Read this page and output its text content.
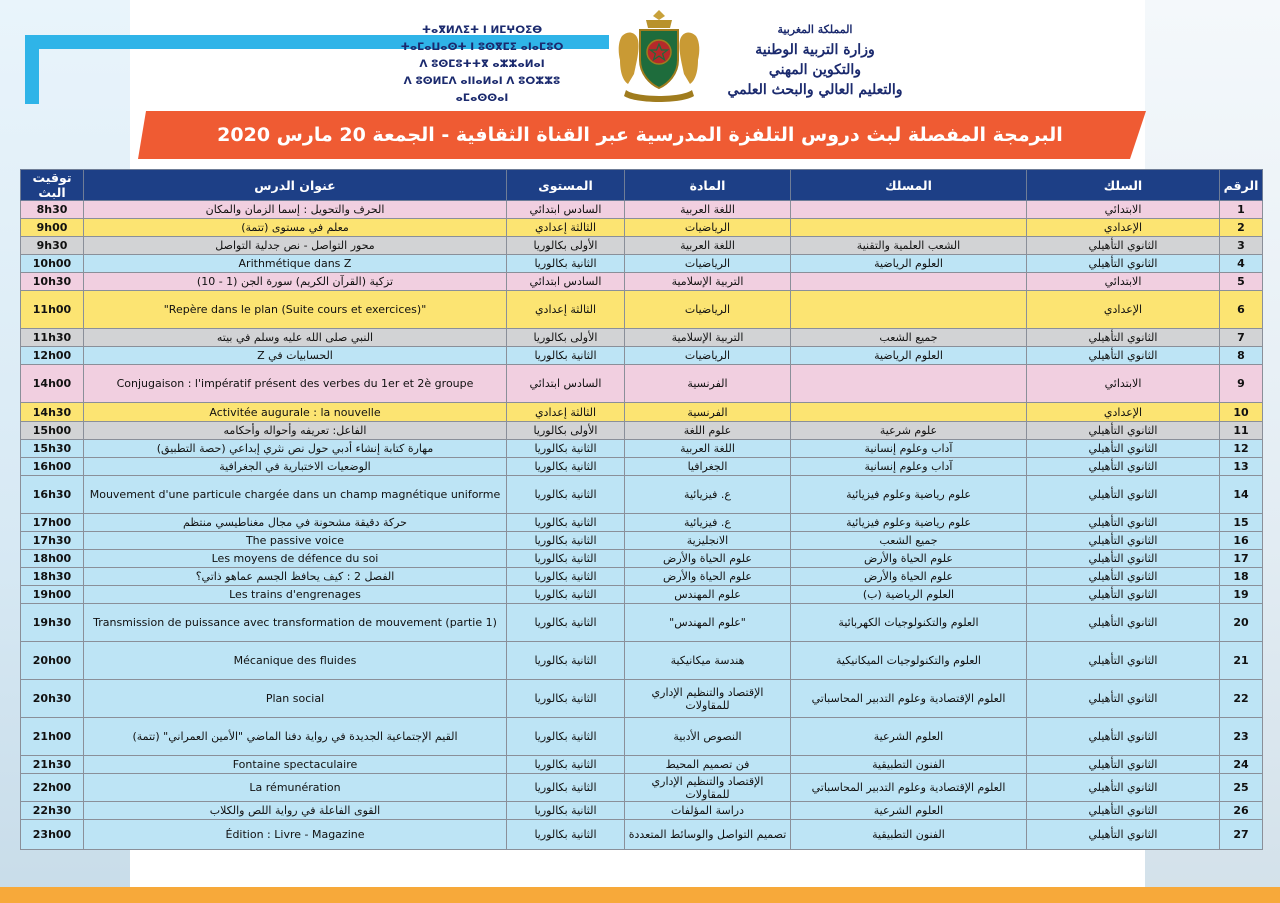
ⵜⴰⴳⵍⴷⵉⵜ ⵏ ⵍⵎⵖⵔⵉⴱ
ⵜⴰⵎⴰⵡⴰⵙⵜ ⵏ ⵓⵙⴳⵎⵉ ⴰⵏⴰⵎⵓⵔ
ⴷ ⵓⵙⵎⵓⵜⵜⴳ ⴰⵣⵣⴰⵍⴰⵏ
ⴷ ⵓⵙⵍⵎⴷ ⴰⵏⵏⴰⵍⴰⵏ ⴷ ⵓⵔⵣⵣⵓ ⴰⵎⴰⵙⵙⴰⵏ
المملكة المغربية
وزارة التربية الوطنية
والتكوين المهني
والتعليم العالي والبحث العلمي
البرمجة المفصلة لبث دروس التلفزة المدرسية عبر القناة الثقافية - الجمعة 20 مارس 2020
الرقم	السلك	المسلك	المادة	المستوى	عنوان الدرس	توقيت البث
1	الابتدائي		اللغة العربية	السادس ابتدائي	الحرف والتحويل : إسما الزمان والمكان	8h30
2	الإعدادي		الرياضيات	الثالثة إعدادي	معلم في مستوى (تتمة)	9h00
3	الثانوي التأهيلي	الشعب العلمية والتقنية	اللغة العربية	الأولى بكالوريا	محور التواصل - نص جدلية التواصل	9h30
4	الثانوي التأهيلي	العلوم الرياضية	الرياضيات	الثانية بكالوريا	Arithmétique dans Z	10h00
5	الابتدائي		التربية الإسلامية	السادس ابتدائي	تزكية (القرآن الكريم) سورة الجن (1 - 10)	10h30
6	الإعدادي		الرياضيات	الثالثة إعدادي	"Repère dans le plan (Suite cours et exercices)"	11h00
7	الثانوي التأهيلي	جميع الشعب	التربية الإسلامية	الأولى بكالوريا	النبي صلى الله عليه وسلم في بيته	11h30
8	الثانوي التأهيلي	العلوم الرياضية	الرياضيات	الثانية بكالوريا	الحسابيات في Z	12h00
9	الابتدائي		الفرنسية	السادس ابتدائي	Conjugaison : l'impératif présent des verbes du 1er et 2è groupe	14h00
10	الإعدادي		الفرنسية	الثالثة إعدادي	Activitée augurale : la nouvelle	14h30
11	الثانوي التأهيلي	علوم شرعية	علوم اللغة	الأولى بكالوريا	الفاعل: تعريفه وأحواله وأحكامه	15h00
12	الثانوي التأهيلي	آداب وعلوم إنسانية	اللغة العربية	الثانية بكالوريا	مهارة كتابة إنشاء أدبي حول نص نثري إبداعي (حصة التطبيق)	15h30
13	الثانوي التأهيلي	آداب وعلوم إنسانية	الجغرافيا	الثانية بكالوريا	الوضعيات الاختبارية في الجغرافية	16h00
14	الثانوي التأهيلي	علوم رياضية وعلوم فيزيائية	ع. فيزيائية	الثانية بكالوريا	Mouvement d'une particule chargée dans un champ magnétique uniforme	16h30
15	الثانوي التأهيلي	علوم رياضية وعلوم فيزيائية	ع. فيزيائية	الثانية بكالوريا	حركة دقيقة مشحونة في مجال مغناطيسي منتظم	17h00
16	الثانوي التأهيلي	جميع الشعب	الانجليزية	الثانية بكالوريا	The passive voice	17h30
17	الثانوي التأهيلي	علوم الحياة والأرض	علوم الحياة والأرض	الثانية بكالوريا	Les moyens de défence du soi	18h00
18	الثانوي التأهيلي	علوم الحياة والأرض	علوم الحياة والأرض	الثانية بكالوريا	الفصل 2 : كيف يحافظ الجسم عماهو ذاتي؟	18h30
19	الثانوي التأهيلي	العلوم الرياضية (ب)	علوم المهندس	الثانية بكالوريا	Les trains d'engrenages	19h00
20	الثانوي التأهيلي	العلوم والتكنولوجيات الكهربائية	"علوم المهندس"	الثانية بكالوريا	Transmission de puissance avec transformation de mouvement (partie 1)	19h30
21	الثانوي التأهيلي	العلوم والتكنولوجيات الميكانيكية	هندسة ميكانيكية	الثانية بكالوريا	Mécanique des fluides	20h00
22	الثانوي التأهيلي	العلوم الإقتصادية وعلوم التدبير المحاسباتي	الإقتصاد والتنظيم الإداري للمقاولات	الثانية بكالوريا	Plan social	20h30
23	الثانوي التأهيلي	العلوم الشرعية	النصوص الأدبية	الثانية بكالوريا	القيم الإجتماعية الجديدة في رواية دفنا الماضي "الأمين العمراني" (تتمة)	21h00
24	الثانوي التأهيلي	الفنون التطبيقية	فن تصميم المحيط	الثانية بكالوريا	Fontaine spectaculaire	21h30
25	الثانوي التأهيلي	العلوم الإقتصادية وعلوم التدبير المحاسباتي	الإقتصاد والتنظيم الإداري للمقاولات	الثانية بكالوريا	La rémunération	22h00
26	الثانوي التأهيلي	العلوم الشرعية	دراسة المؤلفات	الثانية بكالوريا	القوى الفاعلة في رواية اللص والكلاب	22h30
27	الثانوي التأهيلي	الفنون التطبيقية	تصميم التواصل والوسائط المتعددة	الثانية بكالوريا	Édition : Livre - Magazine	23h00
